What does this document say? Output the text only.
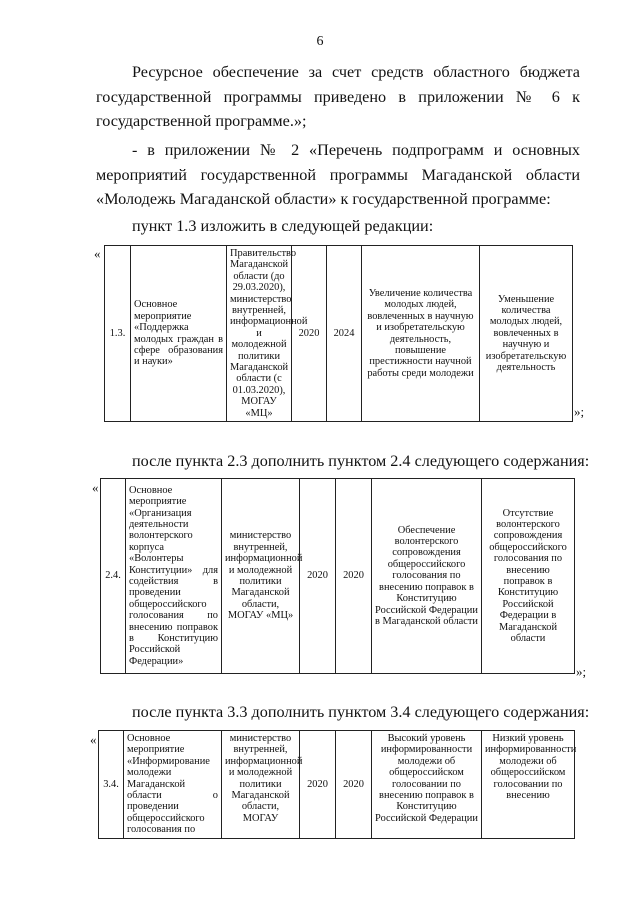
6
Ресурсное обеспечение за счет средств областного бюджета государственной программы приведено в приложении № 6 к государственной программе.»;
- в приложении № 2 «Перечень подпрограмм и основных мероприятий государственной программы Магаданской области «Молодежь Магаданской области» к государственной программе:
пункт 1.3 изложить в следующей редакции:
«
1.3.	Основное мероприятие «Поддержка молодых граждан в сфере образования и науки»	Правительство Магаданской области (до 29.03.2020), министерство внутренней, информационной и молодежной политики Магаданской области (с 01.03.2020), МОГАУ «МЦ»	2020	2024	Увеличение количества молодых людей, вовлеченных в научную и изобретательскую деятельность, повышение престижности научной работы среди молодежи	Уменьшение количества молодых людей, вовлеченных в научную и изобретательскую деятельность
»;
после пункта 2.3 дополнить пунктом 2.4 следующего содержания:
«
2.4.	Основное мероприятие «Организация деятельности волонтерского корпуса «Волонтеры Конституции» для содействия в проведении общероссийского голосования по внесению поправок в Конституцию Российской Федерации»	министерство внутренней, информационной и молодежной политики Магаданской области, МОГАУ «МЦ»	2020	2020	Обеспечение волонтерского сопровождения общероссийского голосования по внесению поправок в Конституцию Российской Федерации в Магаданской области	Отсутствие волонтерского сопровождения общероссийского голосования по внесению поправок в Конституцию Российской Федерации в Магаданской области
»;
после пункта 3.3 дополнить пунктом 3.4 следующего содержания:
«
3.4.	Основное мероприятие «Информирование молодежи Магаданской области о проведении общероссийского голосования по	министерство внутренней, информационной и молодежной политики Магаданской области, МОГАУ	2020	2020	Высокий уровень информированности молодежи об общероссийском голосовании по внесению поправок в Конституцию Российской Федерации	Низкий уровень информированности молодежи об общероссийском голосовании по внесению
